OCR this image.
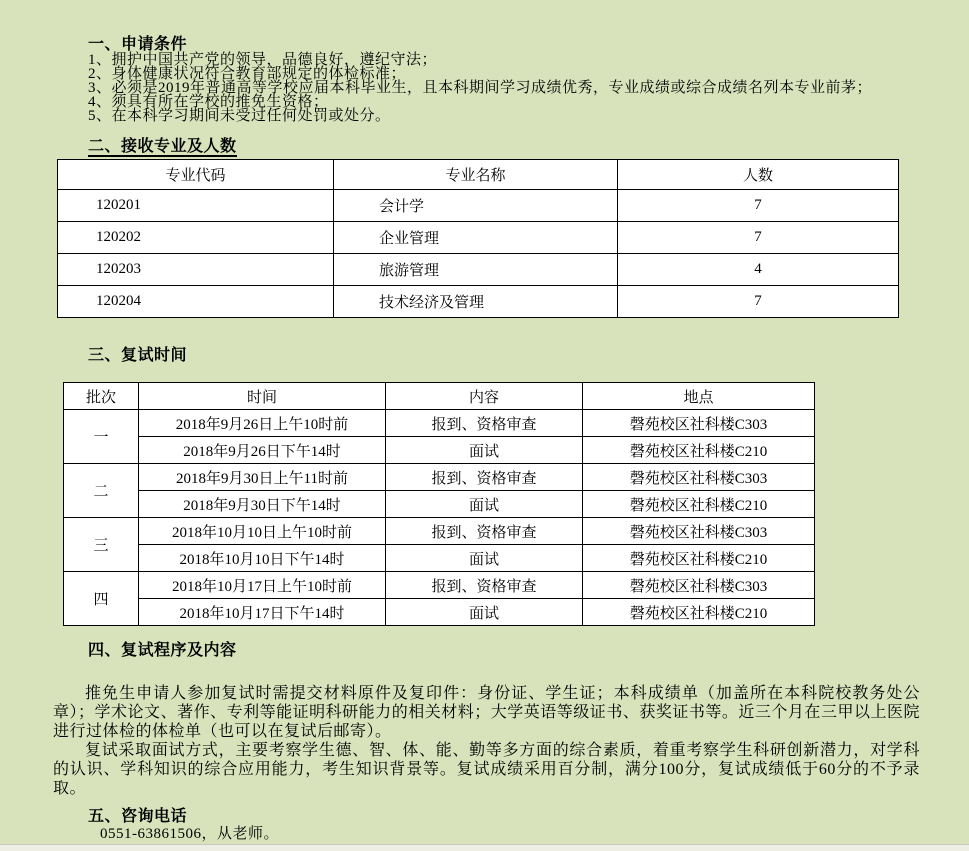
一、申请条件
1、拥护中国共产党的领导，品德良好，遵纪守法；
2、身体健康状况符合教育部规定的体检标准；
3、必须是2019年普通高等学校应届本科毕业生，且本科期间学习成绩优秀，专业成绩或综合成绩名列本专业前茅；
4、须具有所在学校的推免生资格；
5、在本科学习期间未受过任何处罚或处分。
二、接收专业及人数
专业代码	专业名称	人数
120201	会计学	7
120202	企业管理	7
120203	旅游管理	4
120204	技术经济及管理	7
三、复试时间
批次	时间	内容	地点
一	2018年9月26日上午10时前	报到、资格审查	磬苑校区社科楼C303
	2018年9月26日下午14时	面试	磬苑校区社科楼C210
二	2018年9月30日上午11时前	报到、资格审查	磬苑校区社科楼C303
	2018年9月30日下午14时	面试	磬苑校区社科楼C210
三	2018年10月10日上午10时前	报到、资格审查	磬苑校区社科楼C303
	2018年10月10日下午14时	面试	磬苑校区社科楼C210
四	2018年10月17日上午10时前	报到、资格审查	磬苑校区社科楼C303
	2018年10月17日下午14时	面试	磬苑校区社科楼C210
四、复试程序及内容
推免生申请人参加复试时需提交材料原件及复印件：身份证、学生证；本科成绩单（加盖所在本科院校教务处公章）；学术论文、著作、专利等能证明科研能力的相关材料；大学英语等级证书、获奖证书等。近三个月在三甲以上医院进行过体检的体检单（也可以在复试后邮寄）。
复试采取面试方式，主要考察学生德、智、体、能、勤等多方面的综合素质，着重考察学生科研创新潜力，对学科的认识、学科知识的综合应用能力，考生知识背景等。复试成绩采用百分制，满分100分，复试成绩低于60分的不予录取。
五、咨询电话
0551-63861506，从老师。
